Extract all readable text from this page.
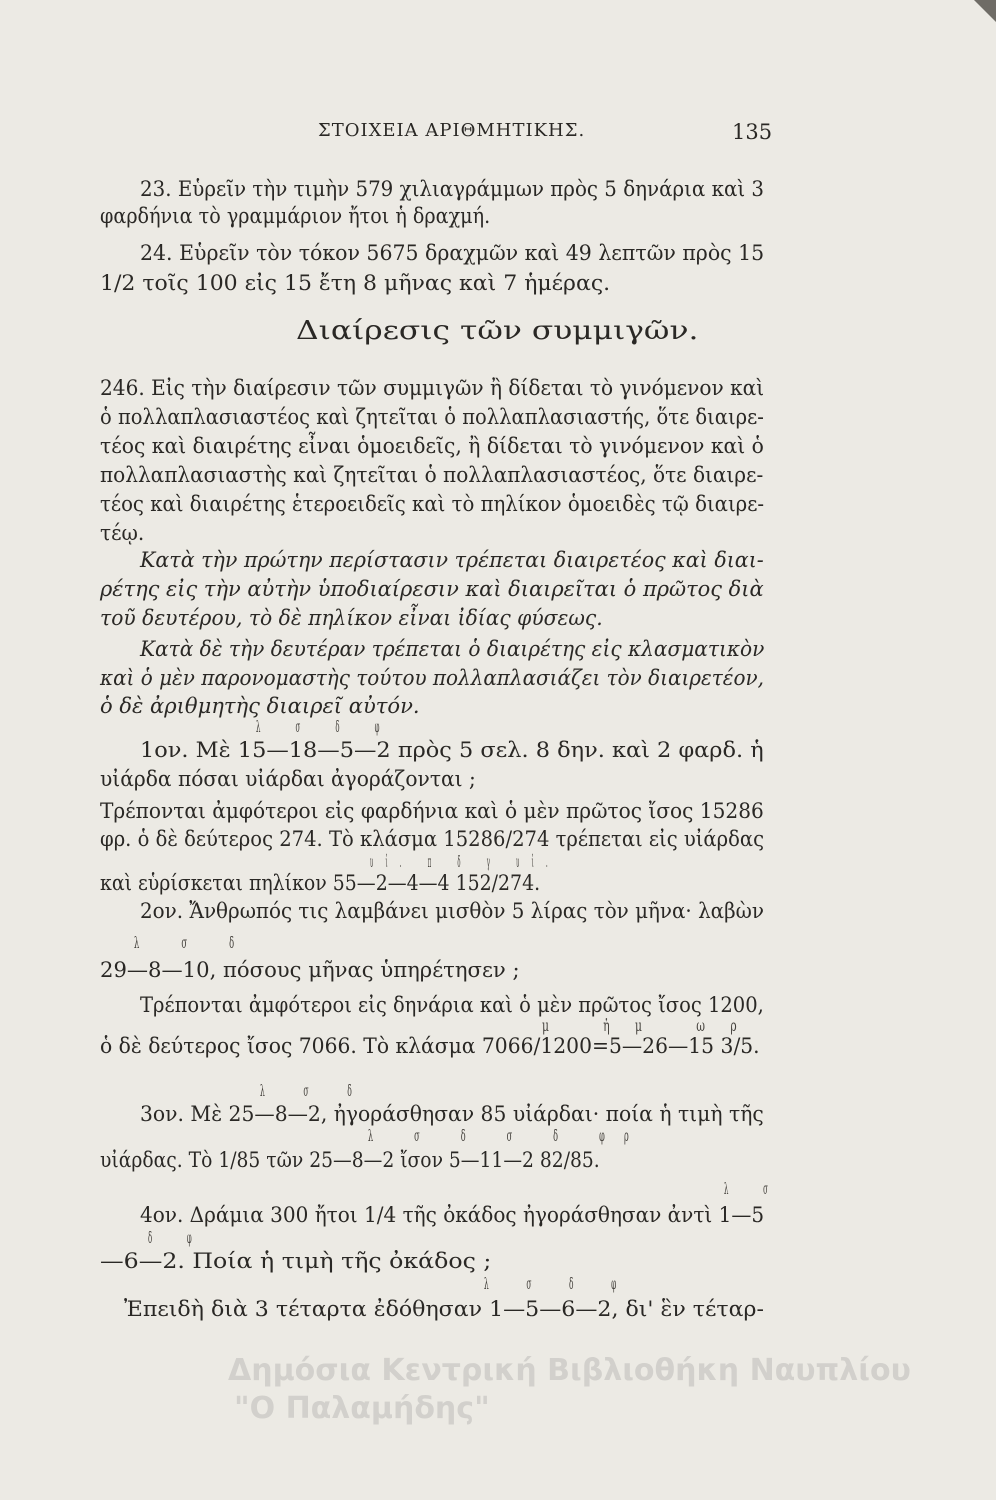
ΣΤΟΙΧΕΙΑ ΑΡΙΘΜΗΤΙΚΗΣ.	135
23. Εὑρεῖν τὴν τιμὴν 579 χιλιαγράμμων πρὸς 5 δηνάρια καὶ 3
φαρδήνια τὸ γραμμάριον ἤτοι ἡ δραχμή.
24. Εὑρεῖν τὸν τόκον 5675 δραχμῶν καὶ 49 λεπτῶν πρὸς 15
1/2 τοῖς 100 εἰς 15 ἔτη 8 μῆνας καὶ 7 ἡμέρας.
Διαίρεσις τῶν συμμιγῶν.
246. Εἰς τὴν διαίρεσιν τῶν συμμιγῶν ἢ δίδεται τὸ γινόμενον καὶ
ὁ πολλαπλασιαστέος καὶ ζητεῖται ὁ πολλαπλασιαστής, ὅτε διαιρε-
τέος καὶ διαιρέτης εἶναι ὁμοειδεῖς, ἢ δίδεται τὸ γινόμενον καὶ ὁ
πολλαπλασιαστὴς καὶ ζητεῖται ὁ πολλαπλασιαστέος, ὅτε διαιρε-
τέος καὶ διαιρέτης ἑτεροειδεῖς καὶ τὸ πηλίκον ὁμοειδὲς τῷ διαιρε-
τέῳ.
Κατὰ τὴν πρώτην περίστασιν τρέπεται διαιρετέος καὶ διαι-
ρέτης εἰς τὴν αὐτὴν ὑποδιαίρεσιν καὶ διαιρεῖται ὁ πρῶτος διὰ
τοῦ δευτέρου, τὸ δὲ πηλίκον εἶναι ἰδίας φύσεως.
Κατὰ δὲ τὴν δευτέραν τρέπεται ὁ διαιρέτης εἰς κλασματικὸν
καὶ ὁ μὲν παρονομαστὴς τούτου πολλαπλασιάζει τὸν διαιρετέον,
ὁ δὲ ἀριθμητὴς διαιρεῖ αὐτόν.
λ σ δ φ
1ον. Μὲ 15—18—5—2 πρὸς 5 σελ. 8 δην. καὶ 2 φαρδ. ἡ
υἰάρδα πόσαι υἰάρδαι ἀγοράζονται ;
Τρέπονται ἀμφότεροι εἰς φαρδήνια καὶ ὁ μὲν πρῶτος ἴσος 15286
φρ. ὁ δὲ δεύτερος 274. Τὸ κλάσμα 15286/274 τρέπεται εἰς υἰάρδας
υἰ. π δ γ υἰ.
καὶ εὑρίσκεται πηλίκον 55—2—4—4 152/274.
2ον. Ἄνθρωπός τις λαμβάνει μισθὸν 5 λίρας τὸν μῆνα· λαβὼν
λ σ δ
29—8—10, πόσους μῆνας ὑπηρέτησεν ;
Τρέπονται ἀμφότεροι εἰς δηνάρια καὶ ὁ μὲν πρῶτος ἴσος 1200,
μ ἡμ ωρ
ὁ δὲ δεύτερος ἴσος 7066. Τὸ κλάσμα 7066/1200=5—26—15 3/5.
λ σ δ
3ον. Μὲ 25—8—2, ἠγοράσθησαν 85 υἰάρδαι· ποία ἡ τιμὴ τῆς
λ σ δ σ δ φρ
υἰάρδας. Τὸ 1/85 τῶν 25—8—2 ἴσον 5—11—2 82/85.
λ σ
4ον. Δράμια 300 ἤτοι 1/4 τῆς ὀκάδος ἠγοράσθησαν ἀντὶ 1—5
δ φ
—6—2. Ποία ἡ τιμὴ τῆς ὀκάδος ;
λ σ δ φ
Ἐπειδὴ διὰ 3 τέταρτα ἐδόθησαν 1—5—6—2, δι' ἓν τέταρ-
Δημόσια Κεντρική Βιβλιοθήκη Ναυπλίου
"Ο Παλαμήδης"
